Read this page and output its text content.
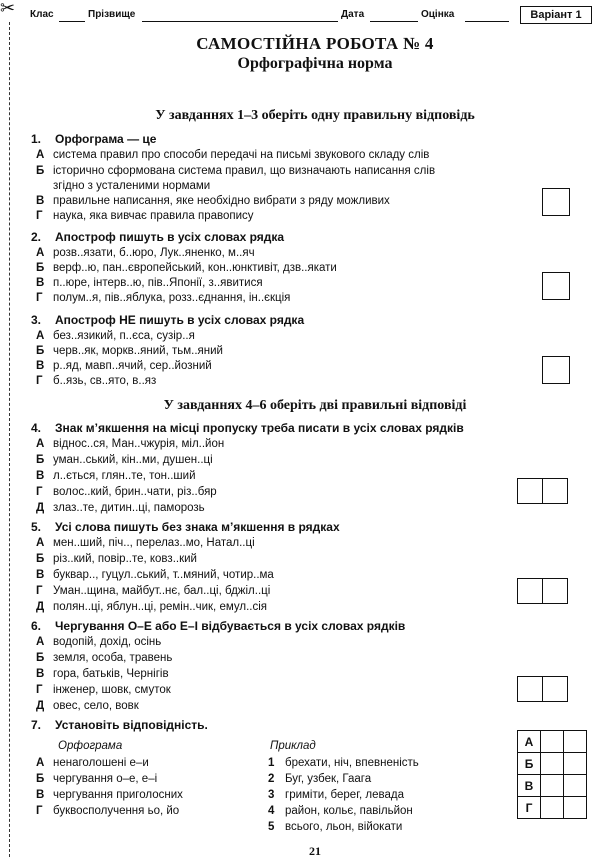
✂ Клас	Прізвище	Дата	Оцінка	Варіант 1
САМОСТІЙНА РОБОТА № 4
Орфографічна норма
У завданнях 1–3 оберіть одну правильну відповідь
1. Орфограма — це
А система правил про способи передачі на письмі звукового складу слів
Б історично сформована система правил, що визначають написання слів
згідно з усталеними нормами
В правильне написання, яке необхідно вибрати з ряду можливих
Г наука, яка вивчає правила правопису
2. Апостроф пишуть в усіх словах рядка
А розв..язати, б..юро, Лук..яненко, м..яч
Б верф..ю, пан..європейський, кон..юнктивіт, дзв..якати
В п..юре, інтерв..ю, пів..Японії, з..явитися
Г полум..я, пів..яблука, розз..єднання, ін..єкція
3. Апостроф НЕ пишуть в усіх словах рядка
А без..язикий, п..єса, сузір..я
Б черв..як, моркв..яний, тьм..яний
В р..яд, мавп..ячий, сер..йозний
Г б..язь, св..ято, в..яз
У завданнях 4–6 оберіть дві правильні відповіді
4. Знак м’якшення на місці пропуску треба писати в усіх словах рядків
А віднос..ся, Ман..чжурія, міл..йон
Б уман..ський, кін..ми, душен..ці
В л..ється, глян..те, тон..ший
Г волос..кий, брин..чати, різ..бяр
Д злаз..те, дитин..ці, паморозь
5. Усі слова пишуть без знака м’якшення в рядках
А мен..ший, пiч.., перелаз..мо, Натал..цi
Б різ..кий, повір..те, ковз..кий
В буквар.., гуцул..ський, т..мяний, чотир..ма
Г Уман..щина, майбут..нє, бал..цi, бджiл..цi
Д полян..цi, яблун..цi, ремін..чик, емул..сiя
6. Чергування О–Е або Е–І відбувається в усіх словах рядків
А водопій, дохід, осінь
Б земля, особа, травень
В гора, батьків, Чернігів
Г інженер, шовк, смуток
Д овес, село, вовк
7. Установіть відповідність.
Орфограма	Приклад
А ненаголошені е–и
Б чергування о–е, е–і
В чергування приголосних
Г буквосполучення ьо, йо
1 брехати, ніч, впевненість
2 Буг, узбек, Гаага
3 гриміти, берег, левада
4 район, кольє, павільйон
5 всього, льон, війокати
А		
Б		
В		
Г		
21
